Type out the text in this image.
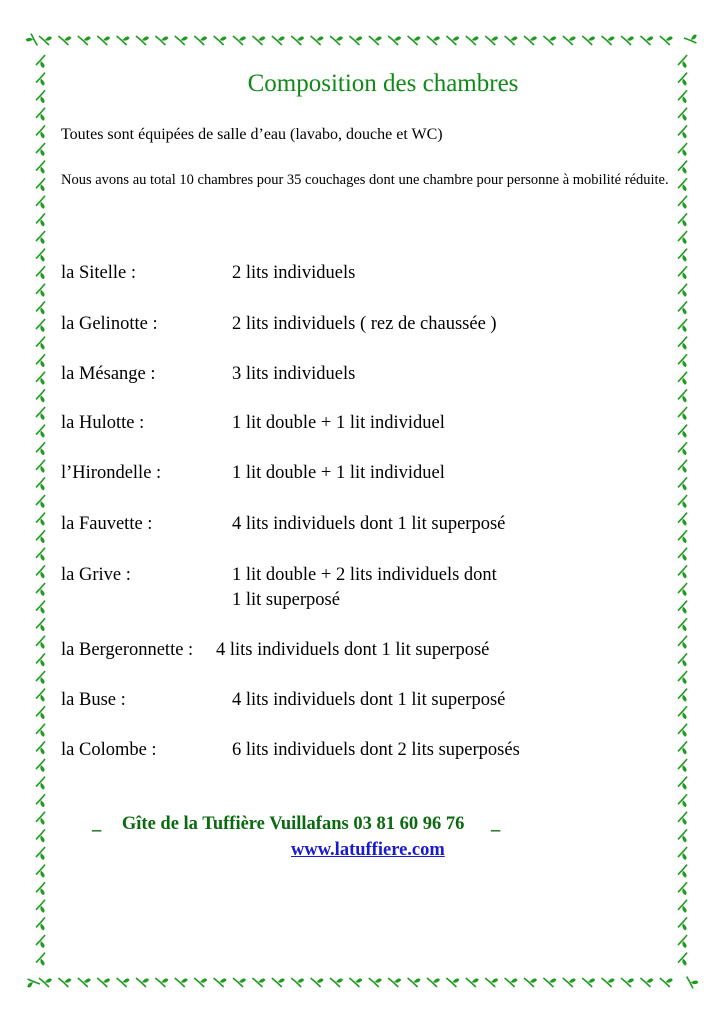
Composition des chambres
Toutes sont équipées de salle d’eau (lavabo, douche et WC)
Nous avons au total 10 chambres pour 35 couchages dont une chambre pour personne à mobilité réduite.
la Sitelle :	2 lits individuels
la Gelinotte :	2 lits individuels ( rez de chaussée )
la Mésange :	3 lits individuels
la Hulotte :	1 lit double + 1 lit individuel
l’Hirondelle :	1 lit double + 1 lit individuel
la Fauvette :	4 lits individuels dont 1 lit superposé
la Grive :	1 lit double + 2 lits individuels dont
1 lit superposé
la Bergeronnette : 4 lits individuels dont 1 lit superposé
la Buse :	4 lits individuels dont 1 lit superposé
la Colombe :	6 lits individuels dont 2 lits superposés
_ Gîte de la Tuffière Vuillafans 03 81 60 96 76 _
www.latuffiere.com
